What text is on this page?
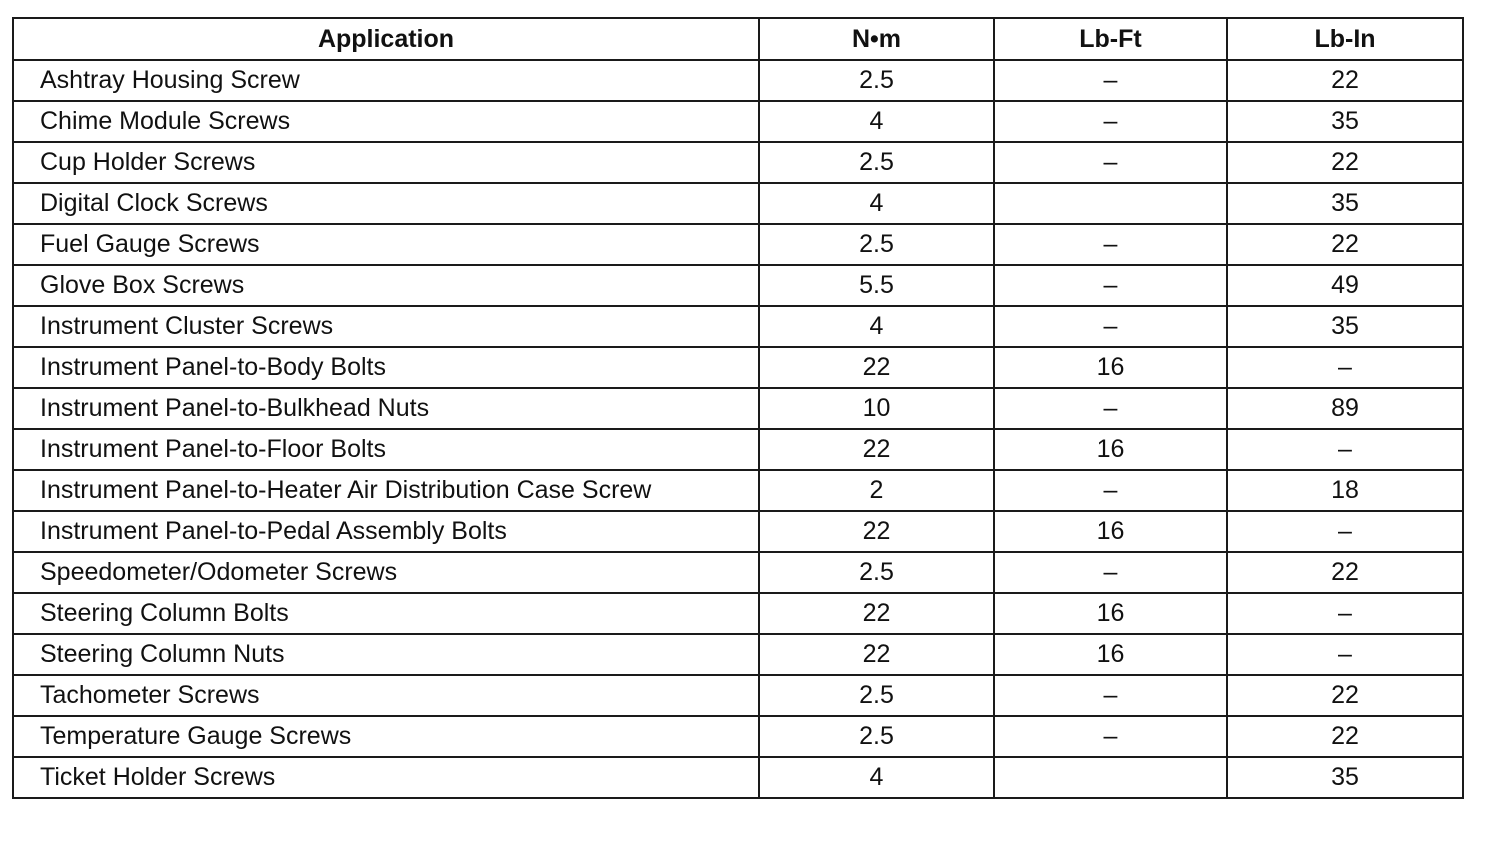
Application	N•m	Lb-Ft	Lb-In
Ashtray Housing Screw	2.5	–	22
Chime Module Screws	4	–	35
Cup Holder Screws	2.5	–	22
Digital Clock Screws	4		35
Fuel Gauge Screws	2.5	–	22
Glove Box Screws	5.5	–	49
Instrument Cluster Screws	4	–	35
Instrument Panel-to-Body Bolts	22	16	–
Instrument Panel-to-Bulkhead Nuts	10	–	89
Instrument Panel-to-Floor Bolts	22	16	–
Instrument Panel-to-Heater Air Distribution Case Screw	2	–	18
Instrument Panel-to-Pedal Assembly Bolts	22	16	–
Speedometer/Odometer Screws	2.5	–	22
Steering Column Bolts	22	16	–
Steering Column Nuts	22	16	–
Tachometer Screws	2.5	–	22
Temperature Gauge Screws	2.5	–	22
Ticket Holder Screws	4		35
